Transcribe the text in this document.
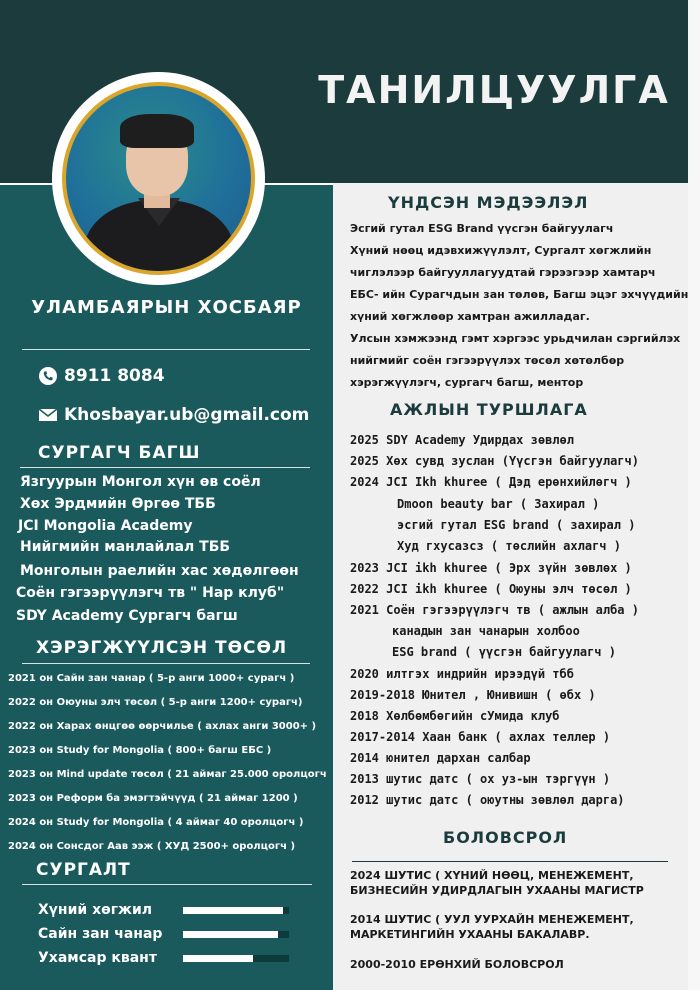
ТАНИЛЦУУЛГА
УЛАМБАЯРЫН ХОСБАЯР
8911 8084
Khosbayar.ub@gmail.com
СУРГАГЧ БАГШ
Язгуурын Монгол хүн өв соёл
Хөх Эрдмийн Өргөө ТББ
JCI Mongolia Academy
Нийгмийн манлайлал ТББ
Монголын раелийн хас хөдөлгөөн
Соён гэгээрүүлэгч тв " Нар клуб"
SDY Academy Сургагч багш
ХЭРЭГЖҮҮЛСЭН ТӨСӨЛ
2021 он Сайн зан чанар ( 5-р анги 1000+ сурагч )
2022 он Оюуны элч төсөл ( 5-р анги 1200+ сурагч)
2022 он Харах өнцгөө өөрчилье ( ахлах анги 3000+ )
2023 он Study for Mongolia ( 800+ багш ЕБС )
2023 он Mind update төсөл ( 21 аймаг 25.000 оролцогч
2023 он Реформ ба эмэгтэйчүүд ( 21 аймаг 1200 )
2024 он Study for Mongolia ( 4 аймаг 40 оролцогч )
2024 он Сонсдог Аав ээж ( ХУД 2500+ оролцогч )
СУРГАЛТ
Хүний хөгжил
Сайн зан чанар
Ухамсар квант
ҮНДСЭН МЭДЭЭЛЭЛ
Эсгий гутал ESG Brand үүсгэн байгуулагч
Хүний нөөц идэвхижүүлэлт, Сургалт хөгжлийн
чиглэлээр байгууллагуудтай гэрээгээр хамтарч
ЕБС- ийн Сурагчдын зан төлөв, Багш эцэг эхчүүдийн
хүний хөгжлөөр хамтран ажилладаг.
Улсын хэмжээнд гэмт хэргээс урьдчилан сэргийлэх
нийгмийг соён гэгээрүүлэх төсөл хөтөлбөр
хэрэгжүүлэгч, сургагч багш, ментор
АЖЛЫН ТУРШЛАГА
2025 SDY Academy Удирдах зөвлөл
2025 Хөх сувд зуслан (Үүсгэн байгуулагч)
2024 JCI Ikh khuree ( Дэд ерөнхийлөгч )
Dmoon beauty bar ( Захирал )
эсгий гутал ESG brand ( захирал )
Худ гхусазсз ( төслийн ахлагч )
2023 JCI ikh khuree ( Эрх зүйн зөвлөх )
2022 JCI ikh khuree ( Оюуны элч төсөл )
2021 Соён гэгээрүүлэгч тв ( ажлын алба )
канадын зан чанарын холбоо
ESG brand ( үүсгэн байгуулагч )
2020 илтгэх индрийн ирээдүй тбб
2019-2018 Юнител , Юнивишн ( өбх )
2018 Хөлбөмбөгийн сУмида клуб
2017-2014 Хаан банк ( ахлах теллер )
2014 юнител дархан салбар
2013 шутис датс ( ох уз-ын тэргүүн )
2012 шутис датс ( оюутны зөвлөл дарга)
БОЛОВСРОЛ
2024 ШУТИС ( ХҮНИЙ НӨӨЦ, МЕНЕЖЕМЕНТ,
БИЗНЕСИЙН УДИРДЛАГЫН УХААНЫ МАГИСТР
2014 ШУТИС ( УУЛ УУРХАЙН МЕНЕЖЕМЕНТ,
МАРКЕТИНГИЙН УХААНЫ БАКАЛАВР.
2000-2010 ЕРӨНХИЙ БОЛОВСРОЛ
